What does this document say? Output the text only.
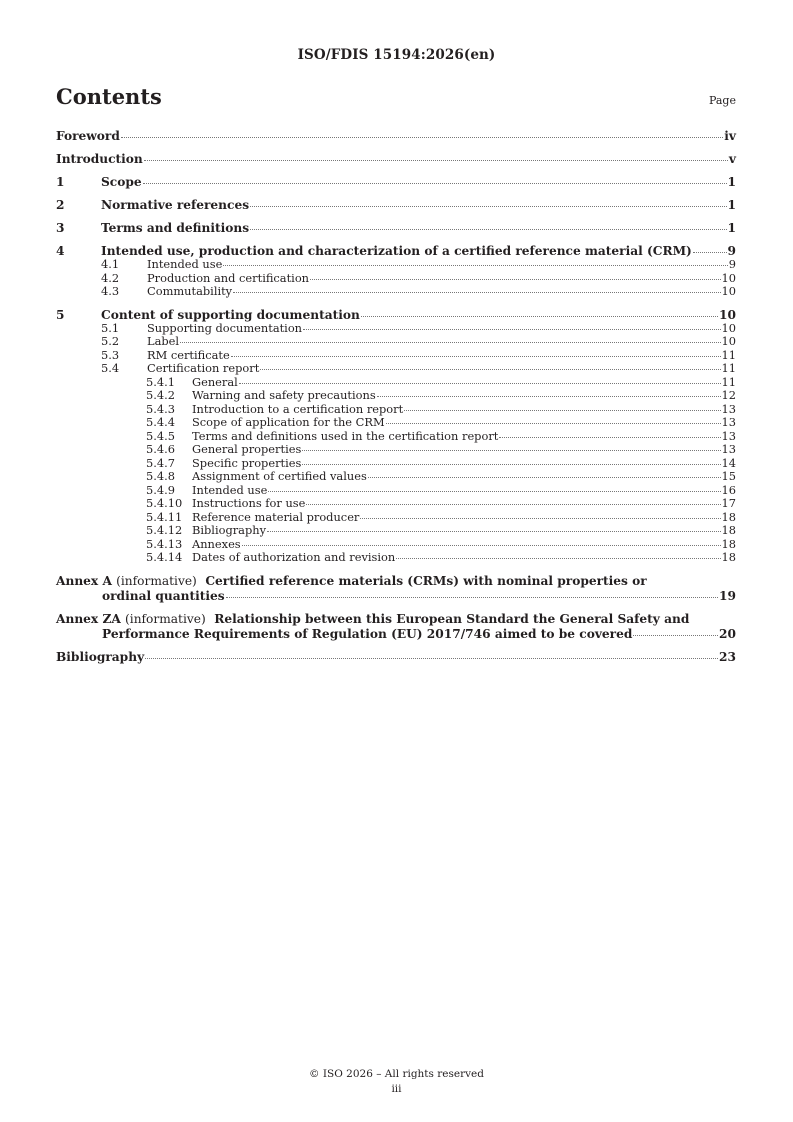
ISO/FDIS 15194:2026(en)
Contents	Page
Foreword	iv
Introduction	v
1	Scope	1
2	Normative references	1
3	Terms and definitions	1
4	Intended use, production and characterization of a certified reference material (CRM)	9
4.1	Intended use	9
4.2	Production and certification	10
4.3	Commutability	10
5	Content of supporting documentation	10
5.1	Supporting documentation	10
5.2	Label	10
5.3	RM certificate	11
5.4	Certification report	11
5.4.1	General	11
5.4.2	Warning and safety precautions	12
5.4.3	Introduction to a certification report	13
5.4.4	Scope of application for the CRM	13
5.4.5	Terms and definitions used in the certification report	13
5.4.6	General properties	13
5.4.7	Specific properties	14
5.4.8	Assignment of certified values	15
5.4.9	Intended use	16
5.4.10 Instructions for use	17
5.4.11 Reference material producer	18
5.4.12 Bibliography	18
5.4.13 Annexes	18
5.4.14 Dates of authorization and revision	18
Annex A (informative) Certified reference materials (CRMs) with nominal properties or
ordinal quantities	19
Annex ZA (informative) Relationship between this European Standard the General Safety and
Performance Requirements of Regulation (EU) 2017/746 aimed to be covered	20
Bibliography	23
© ISO 2026 – All rights reserved
iii
